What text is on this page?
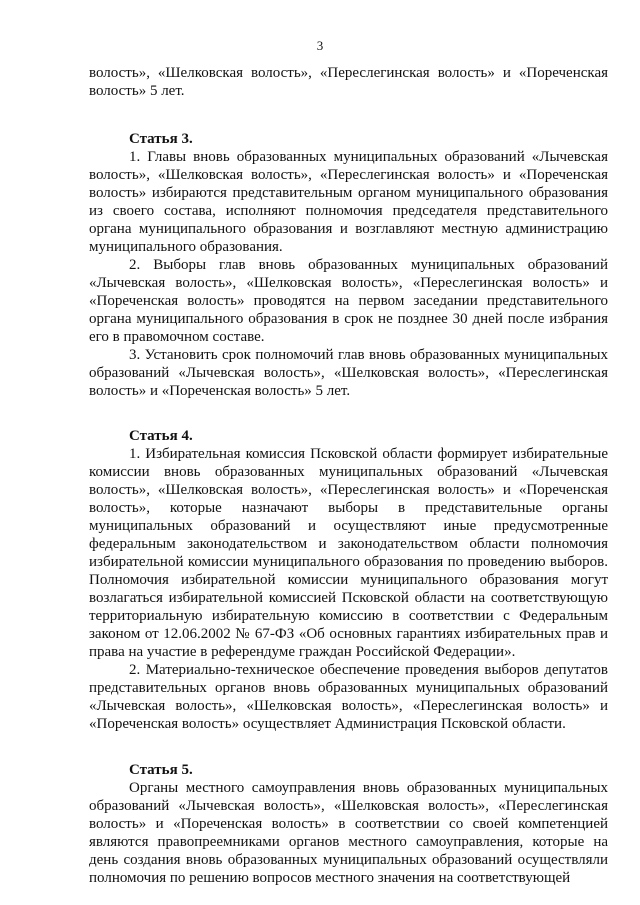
3

волость», «Шелковская волость», «Переслегинская волость» и «Пореченская волость» 5 лет.

Статья 3.

1. Главы вновь образованных муниципальных образований «Лычевская волость», «Шелковская волость», «Переслегинская волость» и «Пореченская волость» избираются представительным органом муниципального образования из своего состава, исполняют полномочия председателя представительного органа муниципального образования и возглавляют местную администрацию муниципального образования.

2. Выборы глав вновь образованных муниципальных образований «Лычевская волость», «Шелковская волость», «Переслегинская волость» и «Пореченская волость» проводятся на первом заседании представительного органа муниципального образования в срок не позднее 30 дней после избрания его в правомочном составе.

3. Установить срок полномочий глав вновь образованных муниципальных образований «Лычевская волость», «Шелковская волость», «Переслегинская волость» и «Пореченская волость» 5 лет.

Статья 4.

1. Избирательная комиссия Псковской области формирует избирательные комиссии вновь образованных муниципальных образований «Лычевская волость», «Шелковская волость», «Переслегинская волость» и «Пореченская волость», которые назначают выборы в представительные органы муниципальных образований и осуществляют иные предусмотренные федеральным законодательством и законодательством области полномочия избирательной комиссии муниципального образования по проведению выборов. Полномочия избирательной комиссии муниципального образования могут возлагаться избирательной комиссией Псковской области на соответствующую территориальную избирательную комиссию в соответствии с Федеральным законом от 12.06.2002 № 67-ФЗ «Об основных гарантиях избирательных прав и права на участие в референдуме граждан Российской Федерации».

2. Материально-техническое обеспечение проведения выборов депутатов представительных органов вновь образованных муниципальных образований «Лычевская волость», «Шелковская волость», «Переслегинская волость» и «Пореченская волость» осуществляет Администрация Псковской области.

Статья 5.

Органы местного самоуправления вновь образованных муниципальных образований «Лычевская волость», «Шелковская волость», «Переслегинская волость» и «Пореченская волость» в соответствии со своей компетенцией являются правопреемниками органов местного самоуправления, которые на день создания вновь образованных муниципальных образований осуществляли полномочия по решению вопросов местного значения на соответствующей
